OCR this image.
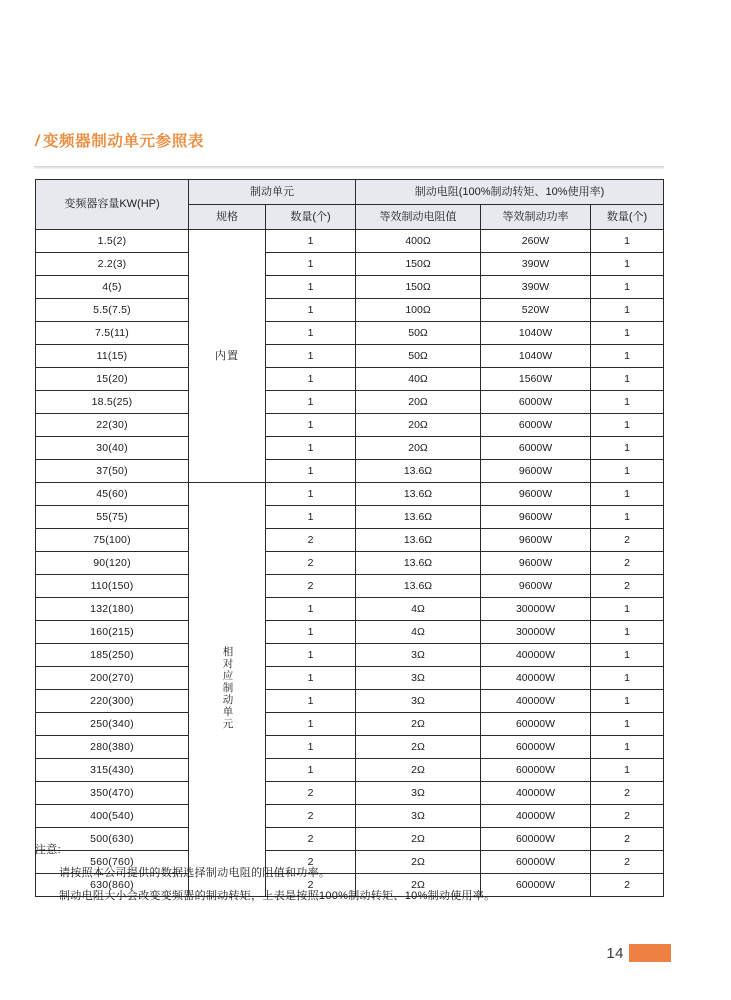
/ 变频器制动单元参照表
变频器容量KW(HP)	制动单元		制动电阻(100%制动转矩、10%使用率)		
	规格	数量(个)	等效制动电阻值	等效制动功率	数量(个)
1.5(2)	内置	1	400Ω	260W	1
2.2(3)		1	150Ω	390W	1
4(5)		1	150Ω	390W	1
5.5(7.5)		1	100Ω	520W	1
7.5(11)		1	50Ω	1040W	1
11(15)		1	50Ω	1040W	1
15(20)		1	40Ω	1560W	1
18.5(25)		1	20Ω	6000W	1
22(30)		1	20Ω	6000W	1
30(40)		1	20Ω	6000W	1
37(50)		1	13.6Ω	9600W	1
45(60)	相对应制动单元	1	13.6Ω	9600W	1
55(75)		1	13.6Ω	9600W	1
75(100)		2	13.6Ω	9600W	2
90(120)		2	13.6Ω	9600W	2
110(150)		2	13.6Ω	9600W	2
132(180)		1	4Ω	30000W	1
160(215)		1	4Ω	30000W	1
185(250)		1	3Ω	40000W	1
200(270)		1	3Ω	40000W	1
220(300)		1	3Ω	40000W	1
250(340)		1	2Ω	60000W	1
280(380)		1	2Ω	60000W	1
315(430)		1	2Ω	60000W	1
350(470)		2	3Ω	40000W	2
400(540)		2	3Ω	40000W	2
500(630)		2	2Ω	60000W	2
560(760)		2	2Ω	60000W	2
630(860)		2	2Ω	60000W	2

注意:

请按照本公司提供的数据选择制动电阻的阻值和功率。

制动电阻大小会改变变频器的制动转矩，上表是按照100%制动转矩、10%制动使用率。

14
